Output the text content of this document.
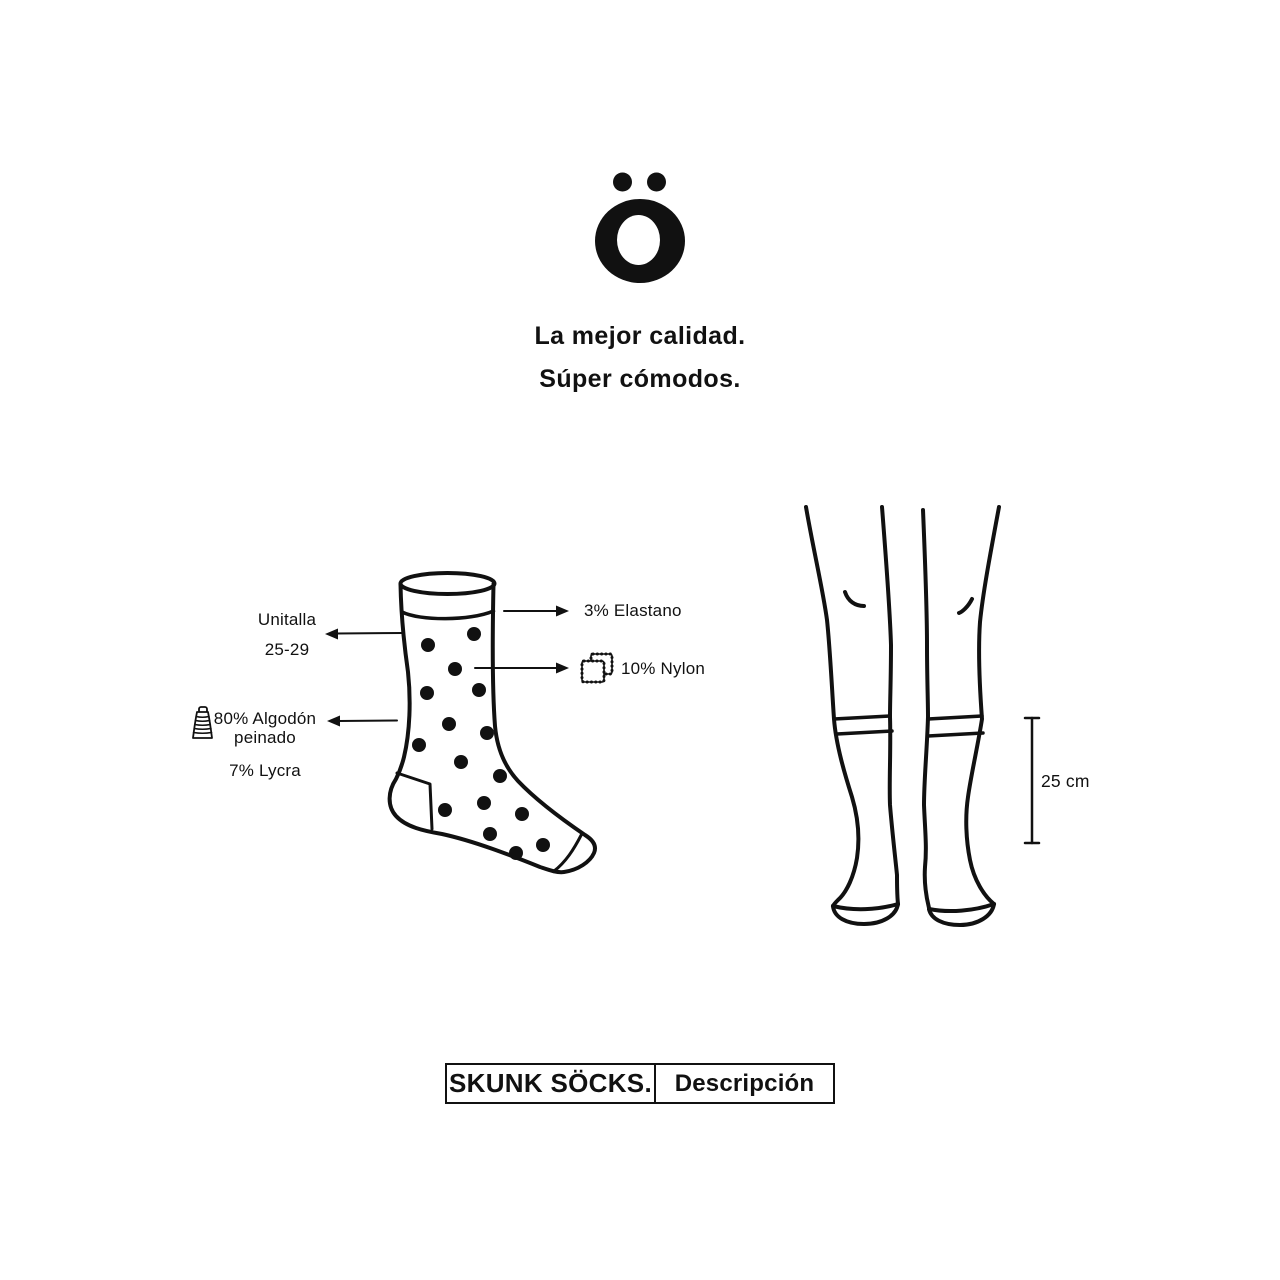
La mejor calidad.
Súper cómodos.
Unitalla
25-29
3% Elastano
10% Nylon
80% Algodón
peinado
7% Lycra
25 cm
SKUNK SÖCKS. Descripción
